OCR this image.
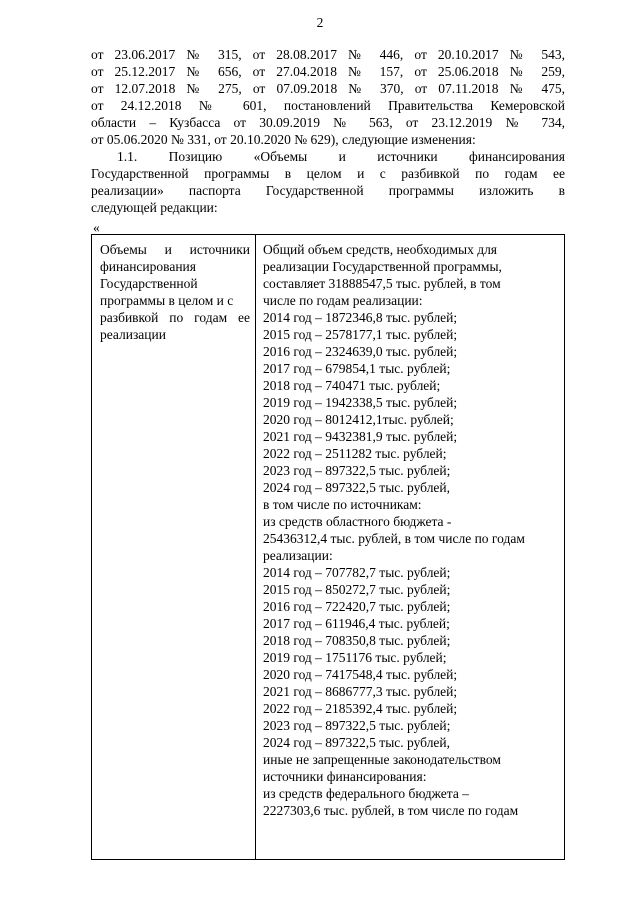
2
от 23.06.2017 № 315, от 28.08.2017 № 446, от 20.10.2017 № 543,
от 25.12.2017 № 656, от 27.04.2018 № 157, от 25.06.2018 № 259,
от 12.07.2018 № 275, от 07.09.2018 № 370, от 07.11.2018 № 475,
от 24.12.2018 № 601, постановлений Правительства Кемеровской
области – Кузбасса от 30.09.2019 № 563, от 23.12.2019 № 734,
от 05.06.2020 № 331, от 20.10.2020 № 629), следующие изменения:
1.1. Позицию «Объемы и источники финансирования
Государственной программы в целом и с разбивкой по годам ее
реализации» паспорта Государственной программы изложить в
следующей редакции:
«
Объемы и источники
финансирования
Государственной
программы в целом и с
разбивкой по годам ее
реализации
Общий объем средств, необходимых для
реализации Государственной программы,
составляет 31888547,5 тыс. рублей, в том
числе по годам реализации:
2014 год – 1872346,8 тыс. рублей;
2015 год – 2578177,1 тыс. рублей;
2016 год – 2324639,0 тыс. рублей;
2017 год – 679854,1 тыс. рублей;
2018 год – 740471 тыс. рублей;
2019 год – 1942338,5 тыс. рублей;
2020 год – 8012412,1тыс. рублей;
2021 год – 9432381,9 тыс. рублей;
2022 год – 2511282 тыс. рублей;
2023 год – 897322,5 тыс. рублей;
2024 год – 897322,5 тыс. рублей,
в том числе по источникам:
из средств областного бюджета -
25436312,4 тыс. рублей, в том числе по годам
реализации:
2014 год – 707782,7 тыс. рублей;
2015 год – 850272,7 тыс. рублей;
2016 год – 722420,7 тыс. рублей;
2017 год – 611946,4 тыс. рублей;
2018 год – 708350,8 тыс. рублей;
2019 год – 1751176 тыс. рублей;
2020 год – 7417548,4 тыс. рублей;
2021 год – 8686777,3 тыс. рублей;
2022 год – 2185392,4 тыс. рублей;
2023 год – 897322,5 тыс. рублей;
2024 год – 897322,5 тыс. рублей,
иные не запрещенные законодательством
источники финансирования:
из средств федерального бюджета –
2227303,6 тыс. рублей, в том числе по годам
